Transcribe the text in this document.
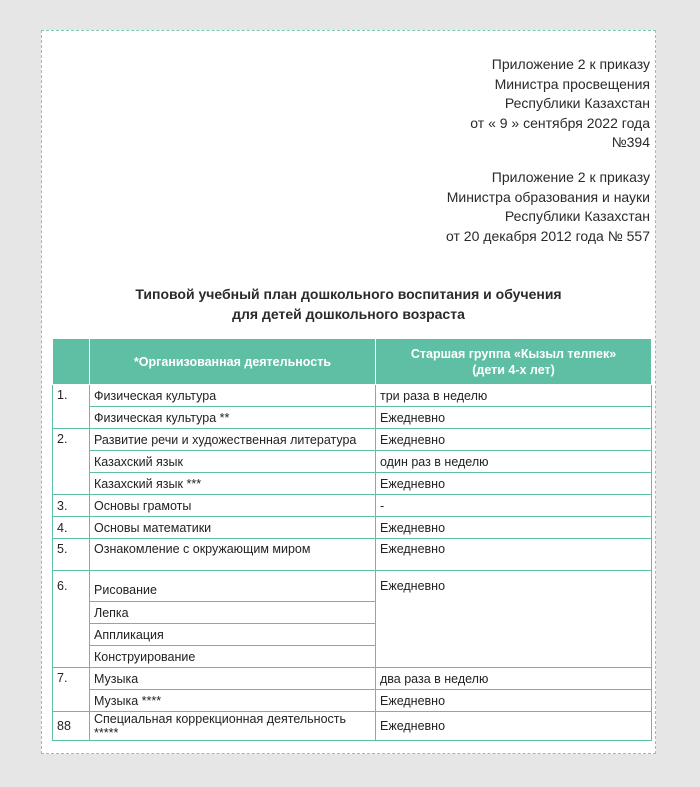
Приложение 2 к приказу

Министра просвещения

Республики Казахстан

от « 9 » сентября 2022 года

№394

Приложение 2 к приказу

Министра образования и науки

Республики Казахстан

от 20 декабря 2012 года № 557

Типовой учебный план дошкольного воспитания и обучения

для детей дошкольного возраста

	*Организованная деятельность	Старшая группа «Кызыл телпек»
(дети 4-х лет)

1.	Физическая культура	три раза в неделю
	Физическая культура **	Ежедневно
2.	Развитие речи и художественная литература	Ежедневно
	Казахский язык	один раз в неделю
	Казахский язык ***	Ежедневно
3.	Основы грамоты	-
4.	Основы математики	Ежедневно
5.	Ознакомление с окружающим миром	Ежедневно
6.	Рисование	Ежедневно
	Лепка	
	Аппликация	
	Конструирование	
7.	Музыка	два раза в неделю
	Музыка ****	Ежедневно
88	Специальная коррекционная деятельность *****	Ежедневно
